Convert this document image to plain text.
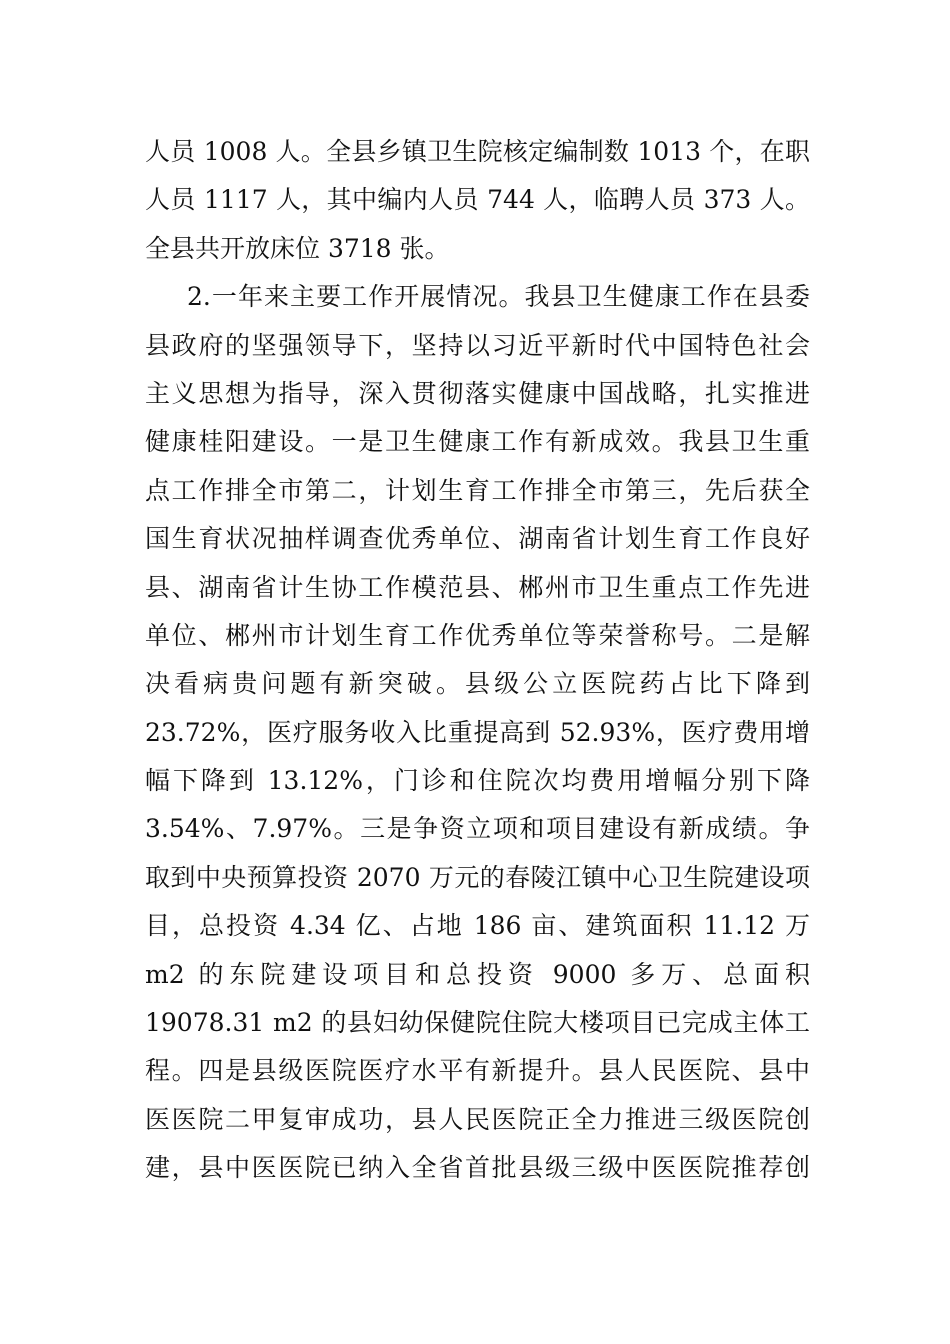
人员 1008 人。全县乡镇卫生院核定编制数 1013 个，在职
人员 1117 人，其中编内人员 744 人，临聘人员 373 人。
全县共开放床位 3718 张。
2.一年来主要工作开展情况。我县卫生健康工作在县委
县政府的坚强领导下，坚持以习近平新时代中国特色社会
主义思想为指导，深入贯彻落实健康中国战略，扎实推进
健康桂阳建设。一是卫生健康工作有新成效。我县卫生重
点工作排全市第二，计划生育工作排全市第三，先后获全
国生育状况抽样调查优秀单位、湖南省计划生育工作良好
县、湖南省计生协工作模范县、郴州市卫生重点工作先进
单位、郴州市计划生育工作优秀单位等荣誉称号。二是解
决看病贵问题有新突破。县级公立医院药占比下降到
23.72%，医疗服务收入比重提高到 52.93%，医疗费用增
幅下降到 13.12%，门诊和住院次均费用增幅分别下降
3.54%、7.97%。三是争资立项和项目建设有新成绩。争
取到中央预算投资 2070 万元的春陵江镇中心卫生院建设项
目，总投资 4.34 亿、占地 186 亩、建筑面积 11.12 万
m2 的东院建设项目和总投资 9000 多万、总面积
19078.31 m2 的县妇幼保健院住院大楼项目已完成主体工
程。四是县级医院医疗水平有新提升。县人民医院、县中
医医院二甲复审成功，县人民医院正全力推进三级医院创
建，县中医医院已纳入全省首批县级三级中医医院推荐创
